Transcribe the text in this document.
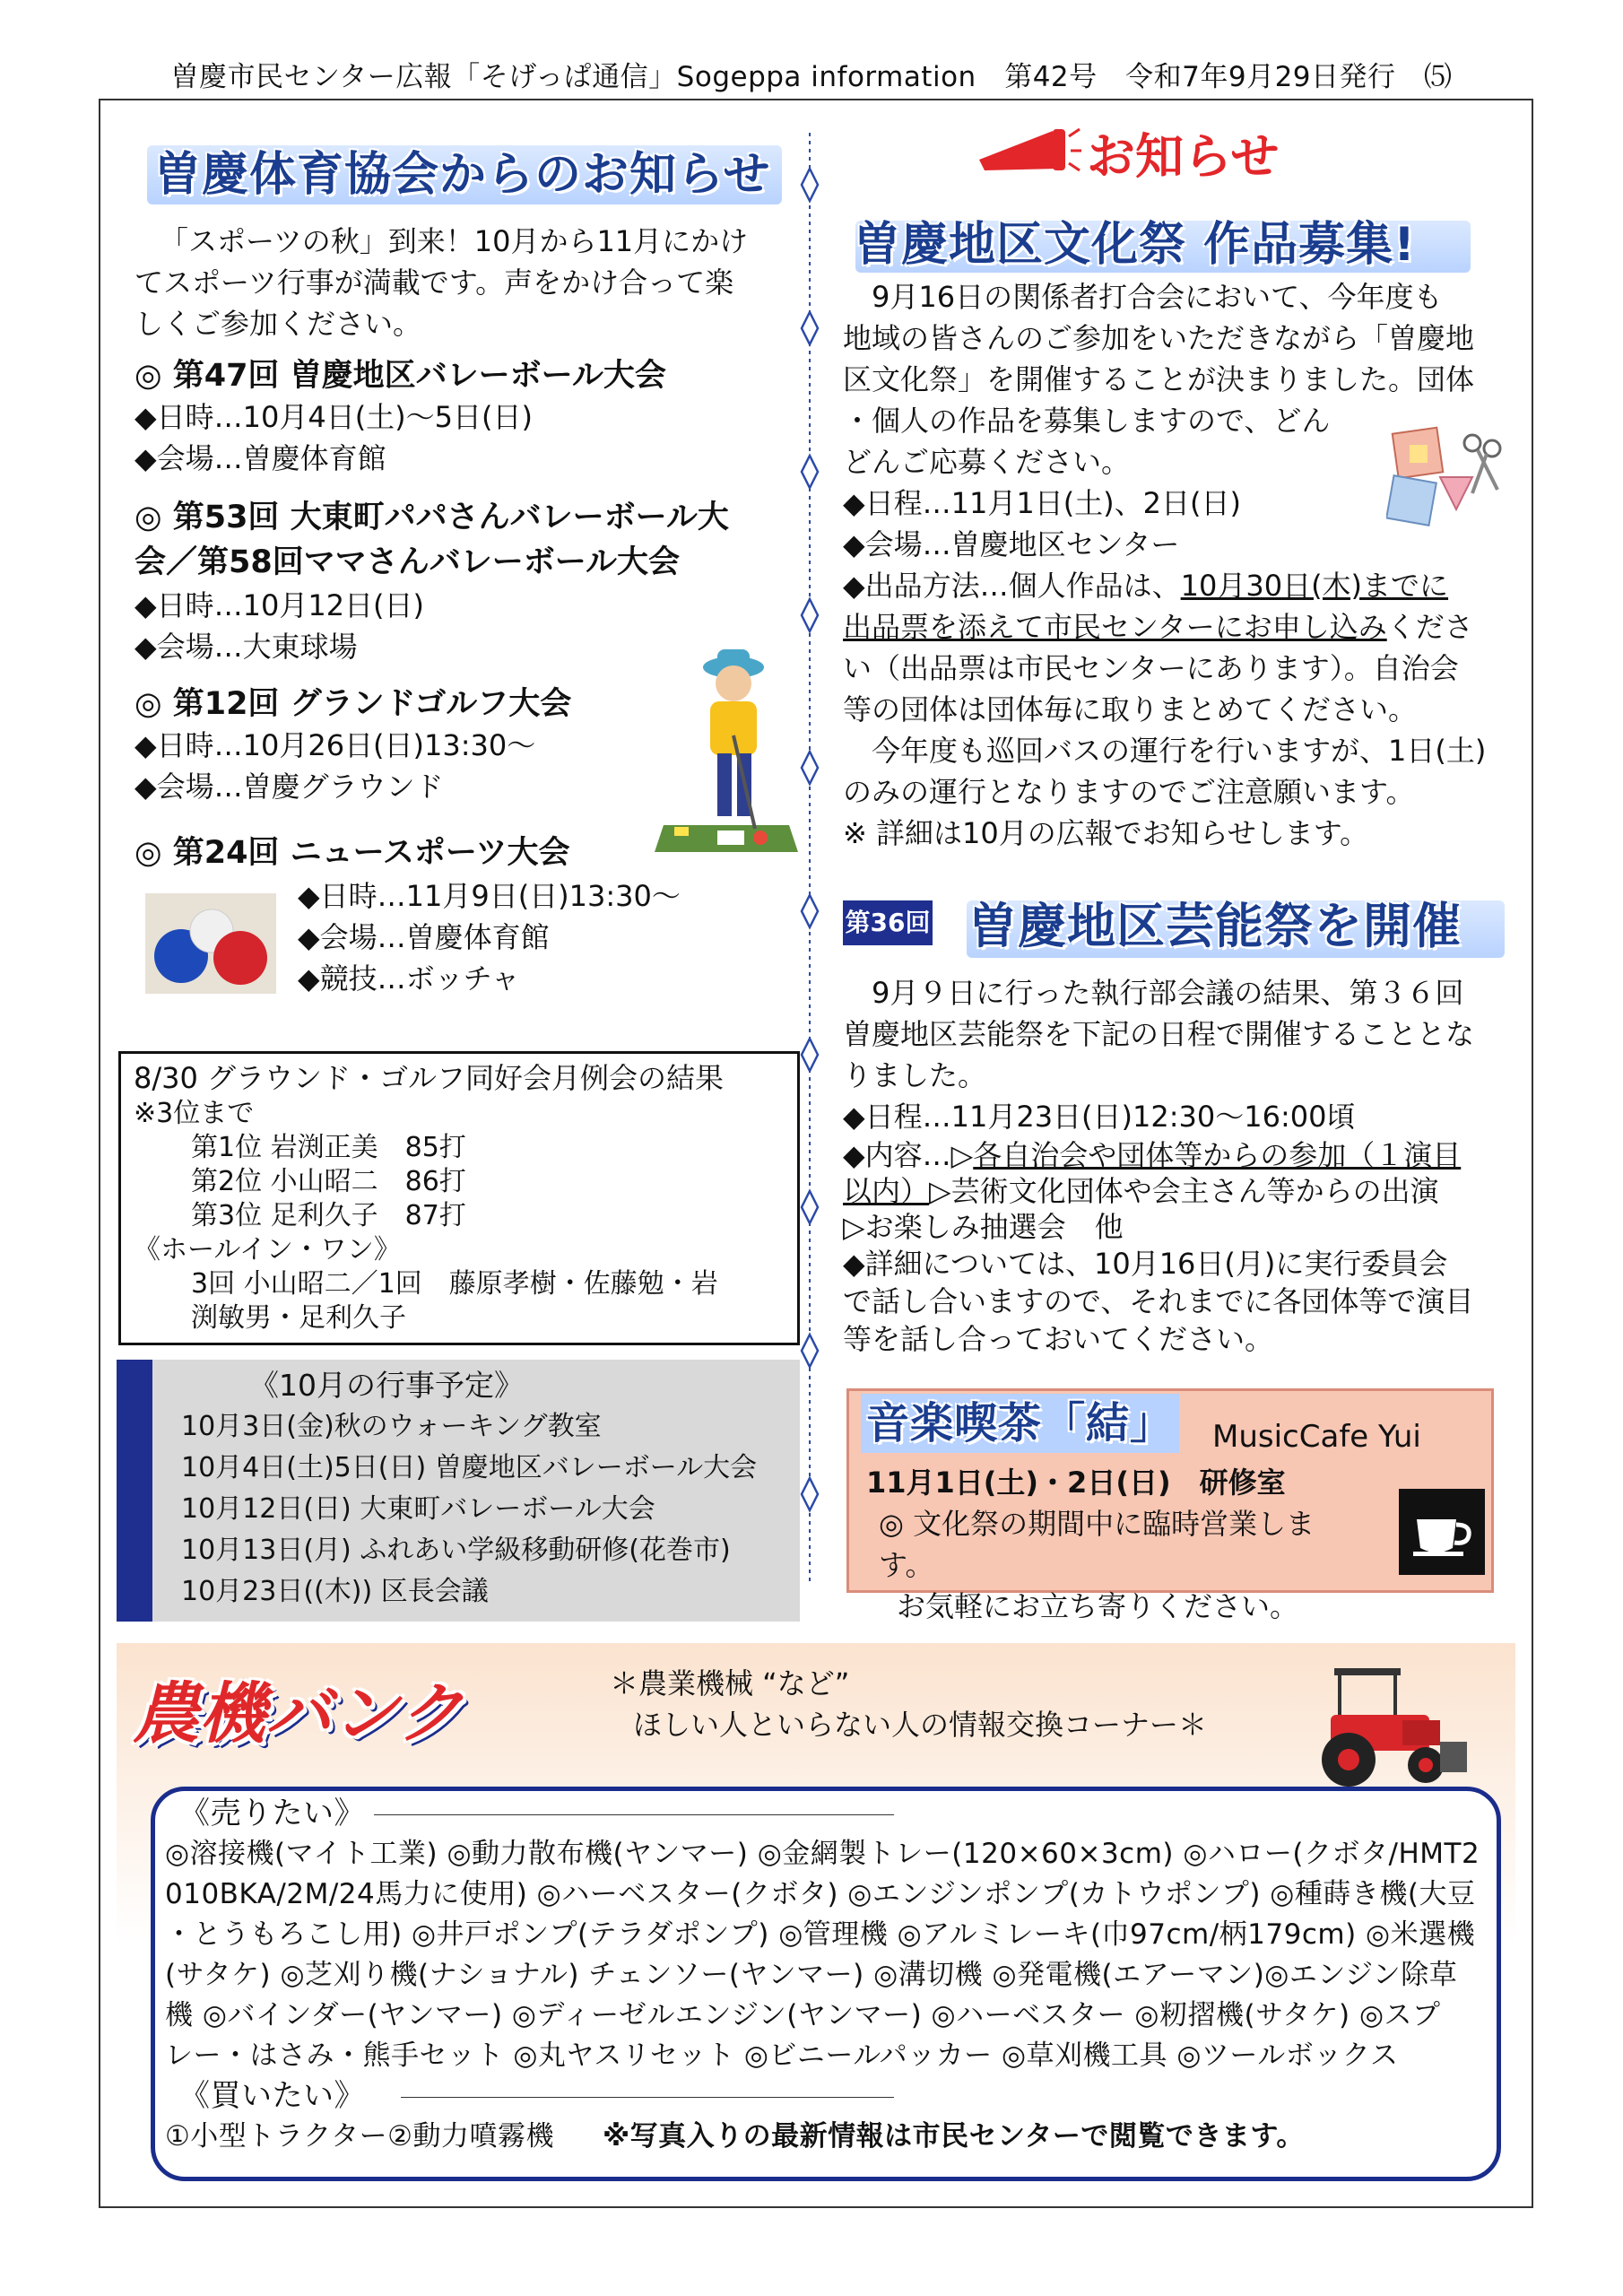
曽慶市民センター広報「そげっぱ通信」Sogeppa information　第42号　令和7年9月29日発行　⑸
曽慶体育協会からのお知らせ

「スポーツの秋」到来！10月から11月にかけ

てスポーツ行事が満載です。声をかけ合って楽

しくご参加ください。

◎ 第47回 曽慶地区バレーボール大会

◆日時…10月4日(土)～5日(日)

◆会場…曽慶体育館

◎ 第53回 大東町パパさんバレーボール大

会／第58回ママさんバレーボール大会

◆日時…10月12日(日)

◆会場…大東球場

◎ 第12回 グランドゴルフ大会

◆日時…10月26日(日)13:30～

◆会場…曽慶グラウンド

◎ 第24回 ニュースポーツ大会

◆日時…11月9日(日)13:30～

◆会場…曽慶体育館

◆競技…ボッチャ

8/30 グラウンド・ゴルフ同好会月例会の結果
※3位まで
第1位 岩渕正美　85打
第2位 小山昭二　86打
第3位 足利久子　87打
《ホールイン・ワン》
3回 小山昭二／1回　藤原孝樹・佐藤勉・岩
渕敏男・足利久子
《10月の行事予定》
10月3日(金)秋のウォーキング教室
10月4日(土)5日(日) 曽慶地区バレーボール大会
10月12日(日) 大東町バレーボール大会
10月13日(月) ふれあい学級移動研修(花巻市)
10月23日((木)) 区長会議
お知らせ
曽慶地区文化祭 作品募集!

9月16日の関係者打合会において、今年度も

地域の皆さんのご参加をいただきながら「曽慶地

区文化祭」を開催することが決まりました。団体

・個人の作品を募集しますので、どん

どんご応募ください。

◆日程…11月1日(土)、2日(日)

◆会場…曽慶地区センター

◆出品方法…個人作品は、10月30日(木)までに

出品票を添えて市民センターにお申し込みくださ

い（出品票は市民センターにあります）。自治会

等の団体は団体毎に取りまとめてください。

今年度も巡回バスの運行を行いますが、1日(土)

のみの運行となりますのでご注意願います。

※ 詳細は10月の広報でお知らせします。

第36回 曽慶地区芸能祭を開催

9月９日に行った執行部会議の結果、第３６回

曽慶地区芸能祭を下記の日程で開催することとな

りました。

◆日程…11月23日(日)12:30～16:00頃

◆内容…▷各自治会や団体等からの参加（１演目

以内）▷芸術文化団体や会主さん等からの出演

▷お楽しみ抽選会　他

◆詳細については、10月16日(月)に実行委員会

で話し合いますので、それまでに各団体等で演目

等を話し合っておいてください。

音楽喫茶「結」 MusicCafe Yui
11月1日(土)・2日(日)　研修室
◎ 文化祭の期間中に臨時営業します。
お気軽にお立ち寄りください。
農機バンク	＊農業機械 “など”
ほしい人といらない人の情報交換コーナー＊
《売りたい》
◎溶接機(マイト工業) ◎動力散布機(ヤンマー) ◎金網製トレー(120×60×3cm) ◎ハロー(クボタ/HMT2
010BKA/2M/24馬力に使用) ◎ハーベスター(クボタ) ◎エンジンポンプ(カトウポンプ) ◎種蒔き機(大豆
・とうもろこし用) ◎井戸ポンプ(テラダポンプ) ◎管理機 ◎アルミレーキ(巾97cm/柄179cm) ◎米選機
(サタケ) ◎芝刈り機(ナショナル) チェンソー(ヤンマー) ◎溝切機 ◎発電機(エアーマン)◎エンジン除草
機 ◎バインダー(ヤンマー) ◎ディーゼルエンジン(ヤンマー) ◎ハーベスター ◎籾摺機(サタケ) ◎スプ
レー・はさみ・熊手セット ◎丸ヤスリセット ◎ビニールパッカー ◎草刈機工具 ◎ツールボックス
《買いたい》
①小型トラクター②動力噴霧機 ※写真入りの最新情報は市民センターで閲覧できます。
